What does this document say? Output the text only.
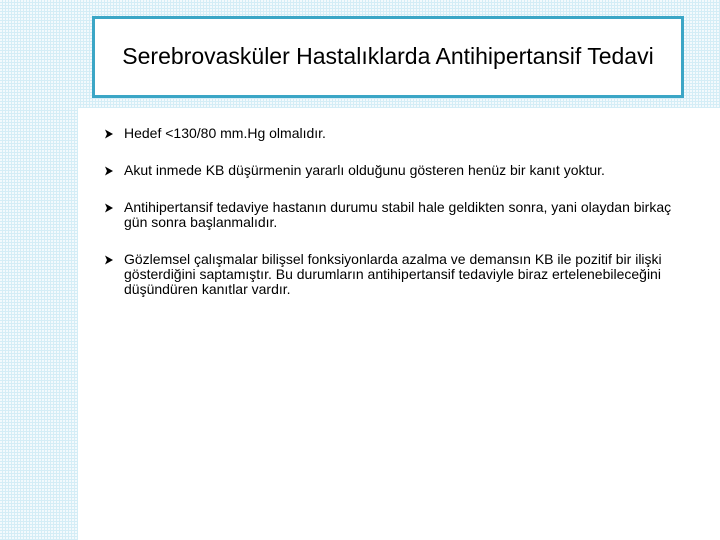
Serebrovasküler Hastalıklarda Antihipertansif Tedavi
Hedef <130/80 mm.Hg olmalıdır.
Akut inmede KB düşürmenin yararlı olduğunu gösteren henüz bir kanıt yoktur.
Antihipertansif tedaviye hastanın durumu stabil hale geldikten sonra, yani olaydan birkaç gün sonra başlanmalıdır.
Gözlemsel çalışmalar bilişsel fonksiyonlarda azalma ve demansın KB ile pozitif bir ilişki gösterdiğini saptamıştır. Bu durumların antihipertansif tedaviyle biraz ertelenebileceğini düşündüren kanıtlar vardır.
